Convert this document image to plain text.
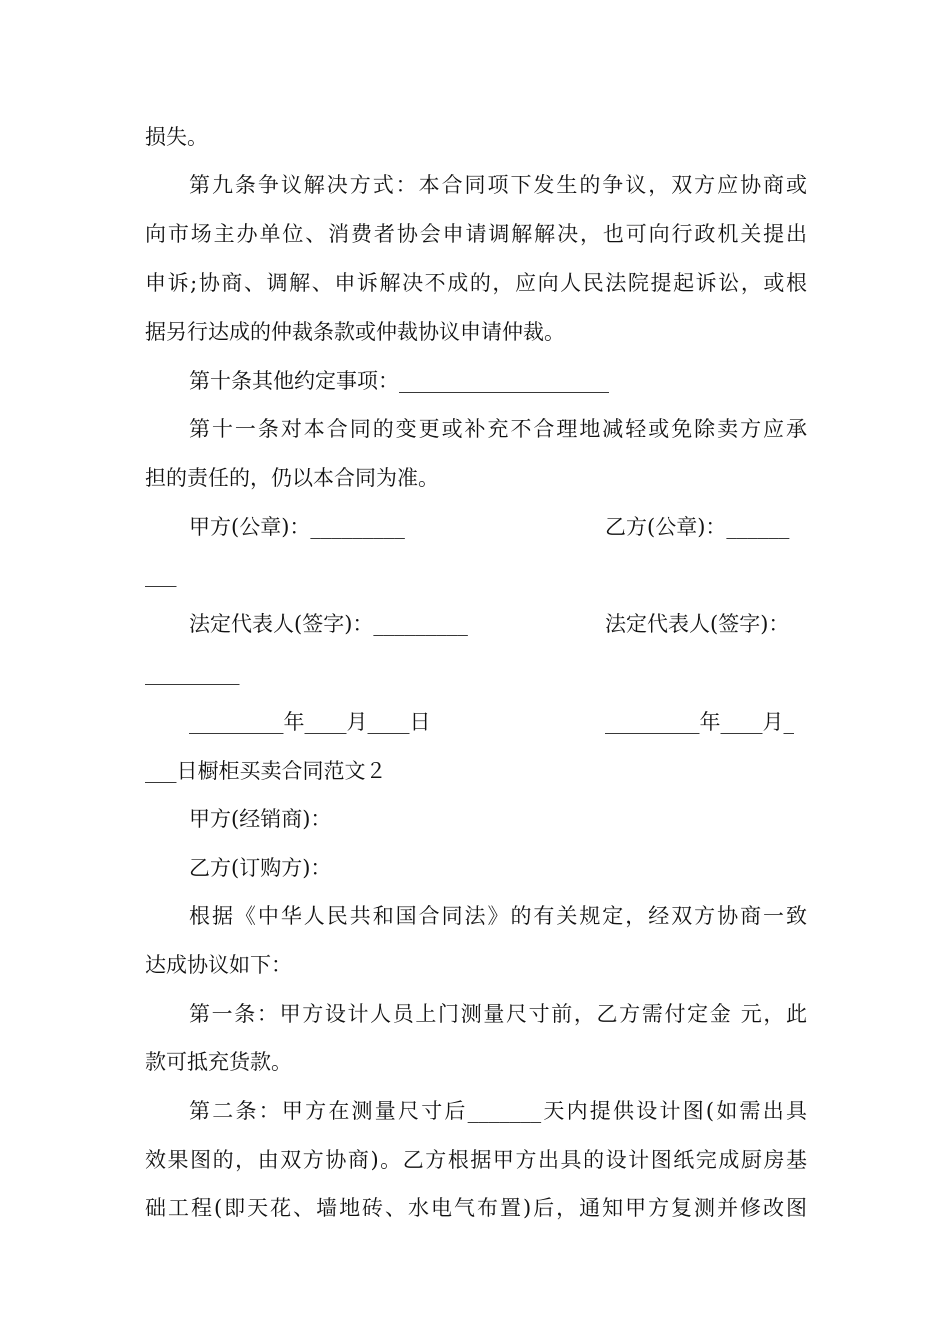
损失。
第九条争议解决方式：本合同项下发生的争议，双方应协商或
向市场主办单位、消费者协会申请调解解决，也可向行政机关提出
申诉;协商、调解、申诉解决不成的，应向人民法院提起诉讼，或根
据另行达成的仲裁条款或仲裁协议申请仲裁。
第十条其他约定事项：____________________
第十一条对本合同的变更或补充不合理地减轻或免除卖方应承
担的责任的，仍以本合同为准。
甲方(公章)：_________	乙方(公章)：______
___
法定代表人(签字)：_________	法定代表人(签字)：
_________
_________年____月____日	_________年____月_
___日橱柜买卖合同范文２
甲方(经销商)：
乙方(订购方)：
根据《中华人民共和国合同法》的有关规定，经双方协商一致
达成协议如下：
第一条：甲方设计人员上门测量尺寸前，乙方需付定金 元，此
款可抵充货款。
第二条：甲方在测量尺寸后_______天内提供设计图(如需出具
效果图的，由双方协商)。乙方根据甲方出具的设计图纸完成厨房基
础工程(即天花、墙地砖、水电气布置)后，通知甲方复测并修改图
